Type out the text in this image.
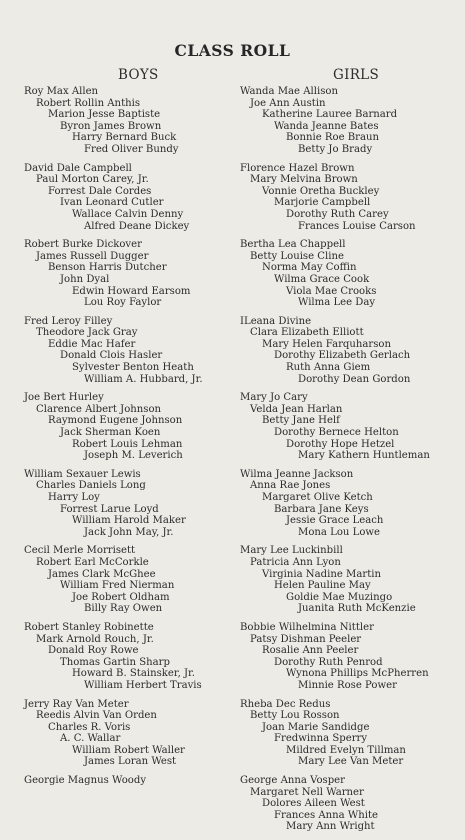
CLASS ROLL
BOYS	GIRLS
Roy Max Allen
Robert Rollin Anthis
Marion Jesse Baptiste
Byron James Brown
Harry Bernard Buck
Fred Oliver Bundy
David Dale Campbell
Paul Morton Carey, Jr.
Forrest Dale Cordes
Ivan Leonard Cutler
Wallace Calvin Denny
Alfred Deane Dickey
Robert Burke Dickover
James Russell Dugger
Benson Harris Dutcher
John Dyal
Edwin Howard Earsom
Lou Roy Faylor
Fred Leroy Filley
Theodore Jack Gray
Eddie Mac Hafer
Donald Clois Hasler
Sylvester Benton Heath
William A. Hubbard, Jr.
Joe Bert Hurley
Clarence Albert Johnson
Raymond Eugene Johnson
Jack Sherman Koen
Robert Louis Lehman
Joseph M. Leverich
William Sexauer Lewis
Charles Daniels Long
Harry Loy
Forrest Larue Loyd
William Harold Maker
Jack John May, Jr.
Cecil Merle Morrisett
Robert Earl McCorkle
James Clark McGhee
William Fred Nierman
Joe Robert Oldham
Billy Ray Owen
Robert Stanley Robinette
Mark Arnold Rouch, Jr.
Donald Roy Rowe
Thomas Gartin Sharp
Howard B. Stainsker, Jr.
William Herbert Travis
Jerry Ray Van Meter
Reedis Alvin Van Orden
Charles R. Voris
A. C. Wallar
William Robert Waller
James Loran West
Georgie Magnus Woody
Wanda Mae Allison
Joe Ann Austin
Katherine Lauree Barnard
Wanda Jeanne Bates
Bonnie Roe Braun
Betty Jo Brady
Florence Hazel Brown
Mary Melvina Brown
Vonnie Oretha Buckley
Marjorie Campbell
Dorothy Ruth Carey
Frances Louise Carson
Bertha Lea Chappell
Betty Louise Cline
Norma May Coffin
Wilma Grace Cook
Viola Mae Crooks
Wilma Lee Day
ILeana Divine
Clara Elizabeth Elliott
Mary Helen Farquharson
Dorothy Elizabeth Gerlach
Ruth Anna Giem
Dorothy Dean Gordon
Mary Jo Cary
Velda Jean Harlan
Betty Jane Helf
Dorothy Bernece Helton
Dorothy Hope Hetzel
Mary Kathern Huntleman
Wilma Jeanne Jackson
Anna Rae Jones
Margaret Olive Ketch
Barbara Jane Keys
Jessie Grace Leach
Mona Lou Lowe
Mary Lee Luckinbill
Patricia Ann Lyon
Virginia Nadine Martin
Helen Pauline May
Goldie Mae Muzingo
Juanita Ruth McKenzie
Bobbie Wilhelmina Nittler
Patsy Dishman Peeler
Rosalie Ann Peeler
Dorothy Ruth Penrod
Wynona Phillips McPherren
Minnie Rose Power
Rheba Dec Redus
Betty Lou Rosson
Joan Marie Sandidge
Fredwinna Sperry
Mildred Evelyn Tillman
Mary Lee Van Meter
George Anna Vosper
Margaret Nell Warner
Dolores Aileen West
Frances Anna White
Mary Ann Wright
